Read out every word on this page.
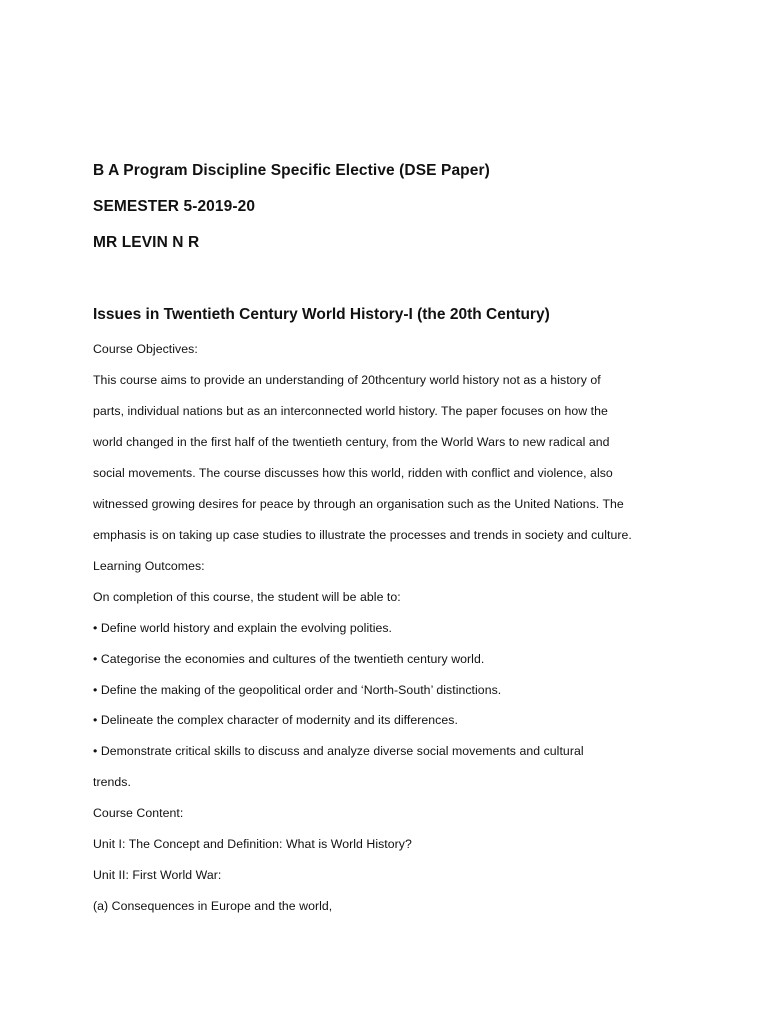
B A Program Discipline Specific Elective (DSE Paper)

SEMESTER 5-2019-20

MR LEVIN N R

Issues in Twentieth Century World History-I (the 20th Century)

Course Objectives:

This course aims to provide an understanding of 20thcentury world history not as a history of

parts, individual nations but as an interconnected world history. The paper focuses on how the

world changed in the first half of the twentieth century, from the World Wars to new radical and

social movements. The course discusses how this world, ridden with conflict and violence, also

witnessed growing desires for peace by through an organisation such as the United Nations. The

emphasis is on taking up case studies to illustrate the processes and trends in society and culture.

Learning Outcomes:

On completion of this course, the student will be able to:

• Define world history and explain the evolving polities.

• Categorise the economies and cultures of the twentieth century world.

• Define the making of the geopolitical order and ‘North-South’ distinctions.

• Delineate the complex character of modernity and its differences.

• Demonstrate critical skills to discuss and analyze diverse social movements and cultural

trends.

Course Content:

Unit I: The Concept and Definition: What is World History?

Unit II: First World War:

(a) Consequences in Europe and the world,
